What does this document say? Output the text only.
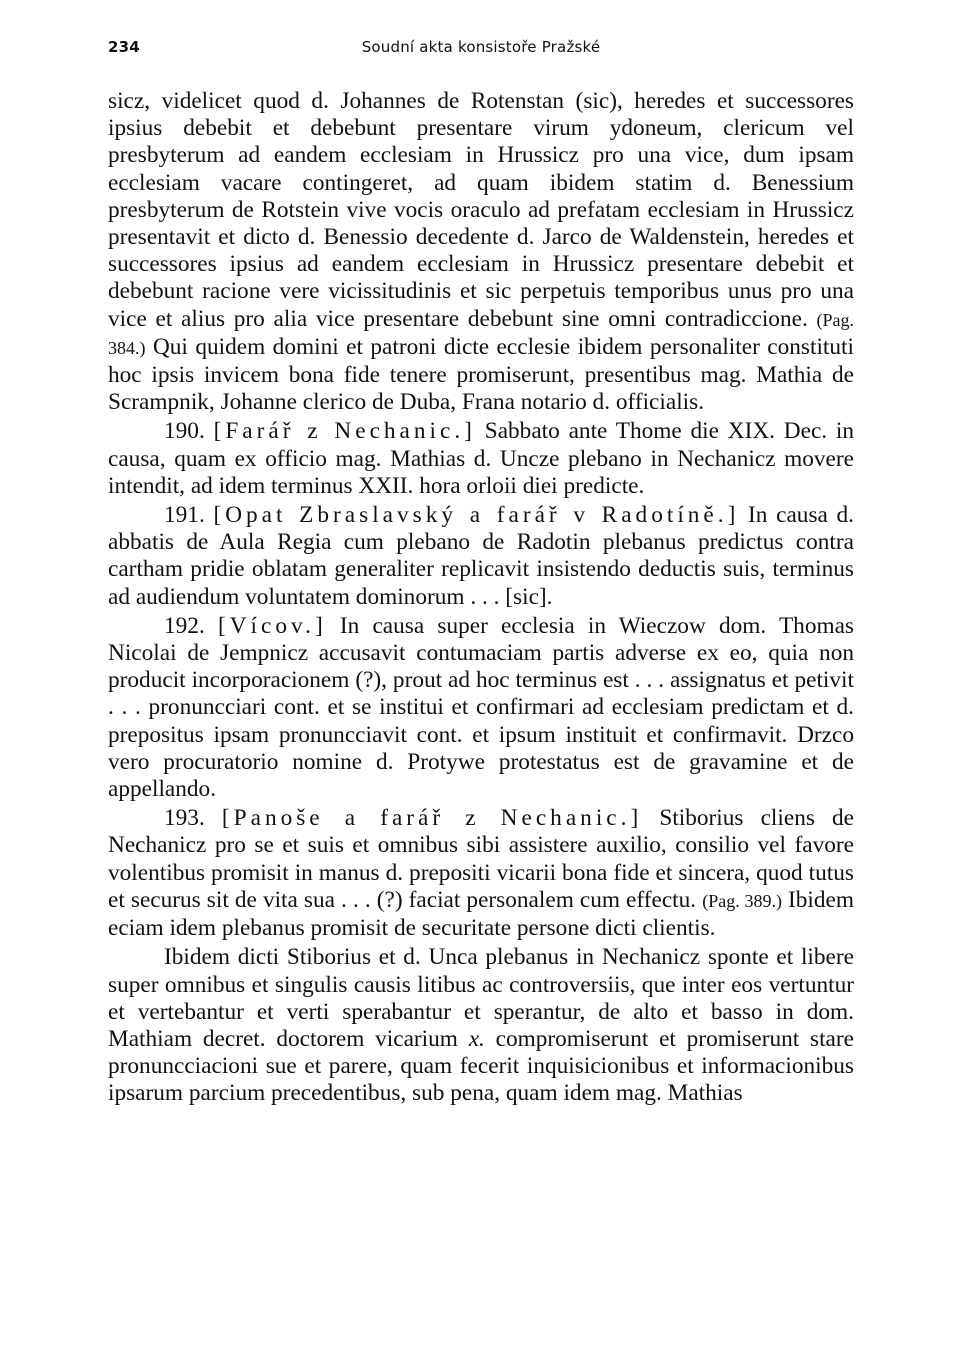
234	Soudní akta konsistoře Pražské

sicz, videlicet quod d. Johannes de Rotenstan (sic), heredes et successores ipsius debebit et debebunt presentare virum ydoneum, clericum vel presbyterum ad eandem ecclesiam in Hrussicz pro una vice, dum ipsam ecclesiam vacare contingeret, ad quam ibidem statim d. Benessium presbyterum de Rotstein vive vocis oraculo ad prefatam ecclesiam in Hrussicz presentavit et dicto d. Benessio decedente d. Jarco de Waldenstein, heredes et successores ipsius ad eandem ecclesiam in Hrussicz presentare debebit et debebunt racione vere vicissitudinis et sic perpetuis temporibus unus pro una vice et alius pro alia vice presentare debebunt sine omni contradiccione. (Pag. 384.) Qui quidem domini et patroni dicte ecclesie ibidem personaliter constituti hoc ipsis invicem bona fide tenere promiserunt, presentibus mag. Mathia de Scrampnik, Johanne clerico de Duba, Frana notario d. officialis.

190. [Farář z Nechanic.] Sabbato ante Thome die XIX. Dec. in causa, quam ex officio mag. Mathias d. Uncze plebano in Nechanicz movere intendit, ad idem terminus XXII. hora orloii diei predicte.

191. [Opat Zbraslavský a farář v Radotíně.] In causa d. abbatis de Aula Regia cum plebano de Radotin plebanus predictus contra cartham pridie oblatam generaliter replicavit insistendo deductis suis, terminus ad audiendum voluntatem dominorum . . . [sic].

192. [Vícov.] In causa super ecclesia in Wieczow dom. Thomas Nicolai de Jempnicz accusavit contumaciam partis adverse ex eo, quia non producit incorporacionem (?), prout ad hoc terminus est . . . assignatus et petivit . . . pronuncciari cont. et se institui et confirmari ad ecclesiam predictam et d. prepositus ipsam pronuncciavit cont. et ipsum instituit et confirmavit. Drzco vero procuratorio nomine d. Protywe protestatus est de gravamine et de appellando.

193. [Panoše a farář z Nechanic.] Stiborius cliens de Nechanicz pro se et suis et omnibus sibi assistere auxilio, consilio vel favore volentibus promisit in manus d. prepositi vicarii bona fide et sincera, quod tutus et securus sit de vita sua . . . (?) faciat personalem cum effectu. (Pag. 389.) Ibidem eciam idem plebanus promisit de securitate persone dicti clientis.

Ibidem dicti Stiborius et d. Unca plebanus in Nechanicz sponte et libere super omnibus et singulis causis litibus ac controversiis, que inter eos vertuntur et vertebantur et verti sperabantur et sperantur, de alto et basso in dom. Mathiam decret. doctorem vicarium x. compromiserunt et promiserunt stare pronuncciacioni sue et parere, quam fecerit inquisicionibus et informacionibus ipsarum parcium precedentibus, sub pena, quam idem mag. Mathias
